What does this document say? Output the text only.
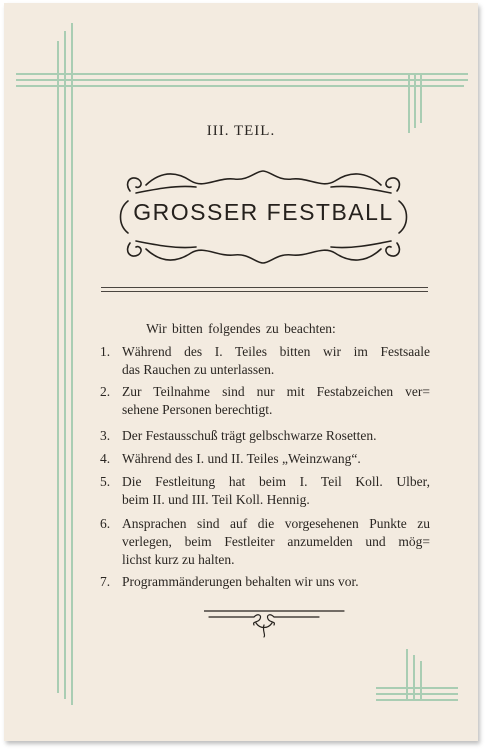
III. TEIL.
GROSSER FESTBALL
Wir bitten folgendes zu beachten:
1. Während des I. Teiles bitten wir im Festsaale
das Rauchen zu unterlassen.
2. Zur Teilnahme sind nur mit Festabzeichen ver=
sehene Personen berechtigt.
3. Der Festausschuß trägt gelbschwarze Rosetten.
4. Während des I. und II. Teiles „Weinzwang“.
5. Die Festleitung hat beim I. Teil Koll. Ulber,
beim II. und III. Teil Koll. Hennig.
6. Ansprachen sind auf die vorgesehenen Punkte zu
verlegen, beim Festleiter anzumelden und mög=
lichst kurz zu halten.
7. Programmänderungen behalten wir uns vor.
